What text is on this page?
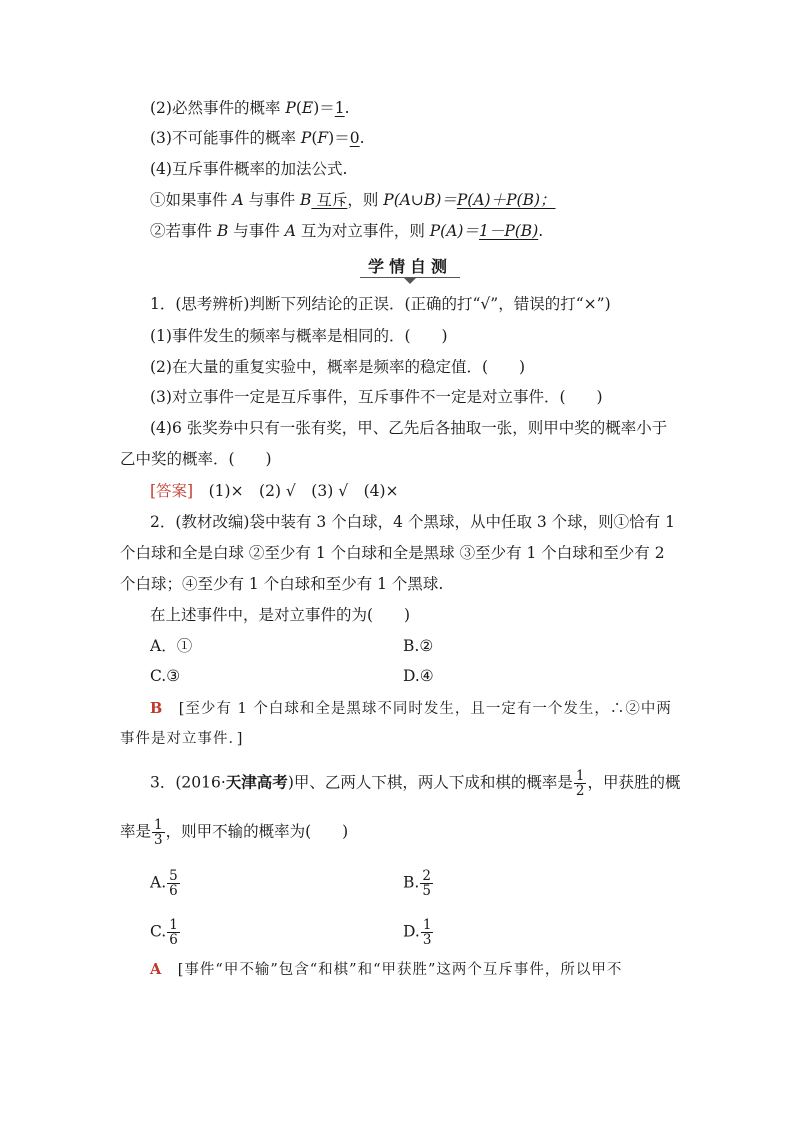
(2)必然事件的概率 P(E)＝1.
(3)不可能事件的概率 P(F)＝0.
(4)互斥事件概率的加法公式.
①如果事件 A 与事件 B 互斥，则 P(A∪B)＝P(A)＋P(B)；
②若事件 B 与事件 A 互为对立事件，则 P(A)＝1－P(B).
学情自测
1．(思考辨析)判断下列结论的正误．(正确的打“√”，错误的打“×”)
(1)事件发生的频率与概率是相同的．(　　)
(2)在大量的重复实验中，概率是频率的稳定值．(　　)
(3)对立事件一定是互斥事件，互斥事件不一定是对立事件．(　　)
(4)6 张奖券中只有一张有奖，甲、乙先后各抽取一张，则甲中奖的概率小于
乙中奖的概率．(　　)
[答案]　(1)×　(2) √　(3) √　(4)×
2．(教材改编)袋中装有 3 个白球，4 个黑球，从中任取 3 个球，则①恰有 1
个白球和全是白球 ②至少有 1 个白球和全是黑球 ③至少有 1 个白球和至少有 2
个白球；④至少有 1 个白球和至少有 1 个黑球.
在上述事件中，是对立事件的为(　　)
A．①	B.②
C.③	D.④
B　[至少有 1 个白球和全是黑球不同时发生，且一定有一个发生，∴②中两
事件是对立事件．]
3．(2016·天津高考)甲、乙两人下棋，两人下成和棋的概率是 $\frac{1}{2}$ ，甲获胜的概
率是 $\frac{1}{3}$ ，则甲不输的概率为(　　)
A. $\frac{5}{6}$	B. $\frac{2}{5}$
C. $\frac{1}{6}$	D. $\frac{1}{3}$
A　[事件“甲不输”包含“和棋”和“甲获胜”这两个互斥事件，所以甲不
